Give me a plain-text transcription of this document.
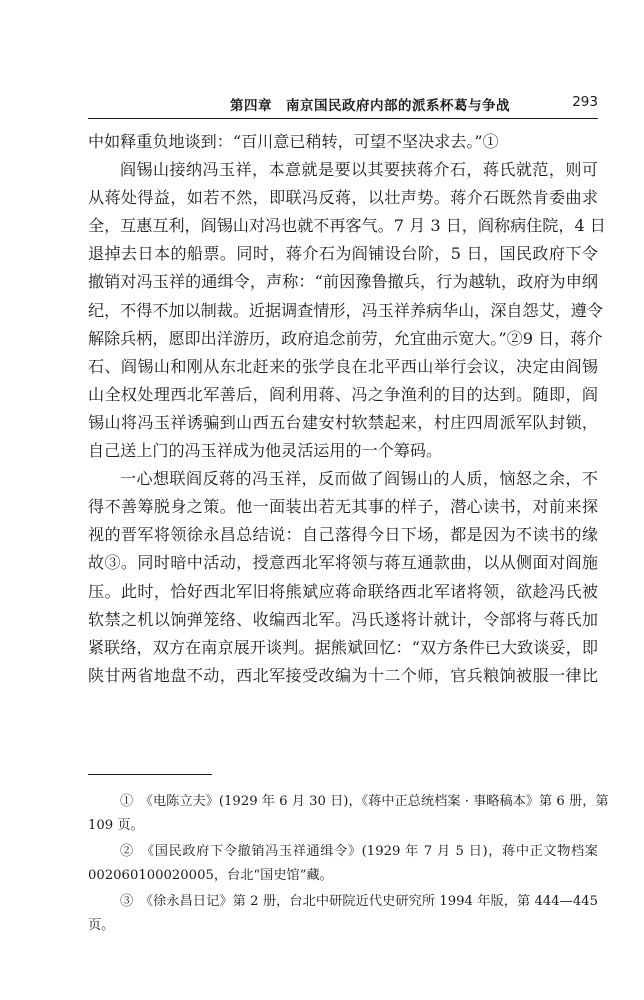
第四章　南京国民政府内部的派系杯葛与争战	293
中如释重负地谈到：“百川意已稍转，可望不坚决求去。”①
阎锡山接纳冯玉祥，本意就是要以其要挟蒋介石，蒋氏就范，则可
从蒋处得益，如若不然，即联冯反蒋，以壮声势。蒋介石既然肯委曲求
全，互惠互利，阎锡山对冯也就不再客气。7 月 3 日，阎称病住院，4 日
退掉去日本的船票。同时，蒋介石为阎铺设台阶，5 日，国民政府下令
撤销对冯玉祥的通缉令，声称：“前因豫鲁撤兵，行为越轨，政府为申纲
纪，不得不加以制裁。近据调查情形，冯玉祥养病华山，深自怨艾，遵令
解除兵柄，愿即出洋游历，政府追念前劳，允宜曲示宽大。”②9 日，蒋介
石、阎锡山和刚从东北赶来的张学良在北平西山举行会议，决定由阎锡
山全权处理西北军善后，阎利用蒋、冯之争渔利的目的达到。随即，阎
锡山将冯玉祥诱骗到山西五台建安村软禁起来，村庄四周派军队封锁，
自己送上门的冯玉祥成为他灵活运用的一个筹码。
一心想联阎反蒋的冯玉祥，反而做了阎锡山的人质，恼怒之余，不
得不善筹脱身之策。他一面装出若无其事的样子，潜心读书，对前来探
视的晋军将领徐永昌总结说：自己落得今日下场，都是因为不读书的缘
故③。同时暗中活动，授意西北军将领与蒋互通款曲，以从侧面对阎施
压。此时，恰好西北军旧将熊斌应蒋命联络西北军诸将领，欲趁冯氏被
软禁之机以饷弹笼络、收编西北军。冯氏遂将计就计，令部将与蒋氏加
紧联络，双方在南京展开谈判。据熊斌回忆：“双方条件已大致谈妥，即
陕甘两省地盘不动，西北军接受改编为十二个师，官兵粮饷被服一律比
①　《电陈立夫》(1929 年 6 月 30 日)，《蒋中正总统档案 · 事略稿本》第 6 册，第
109 页。
②　《国民政府下令撤销冯玉祥通缉令》(1929 年 7 月 5 日)，蒋中正文物档案
002060100020005，台北“国史馆”藏。
③　《徐永昌日记》第 2 册，台北中研院近代史研究所 1994 年版，第 444—445
页。
